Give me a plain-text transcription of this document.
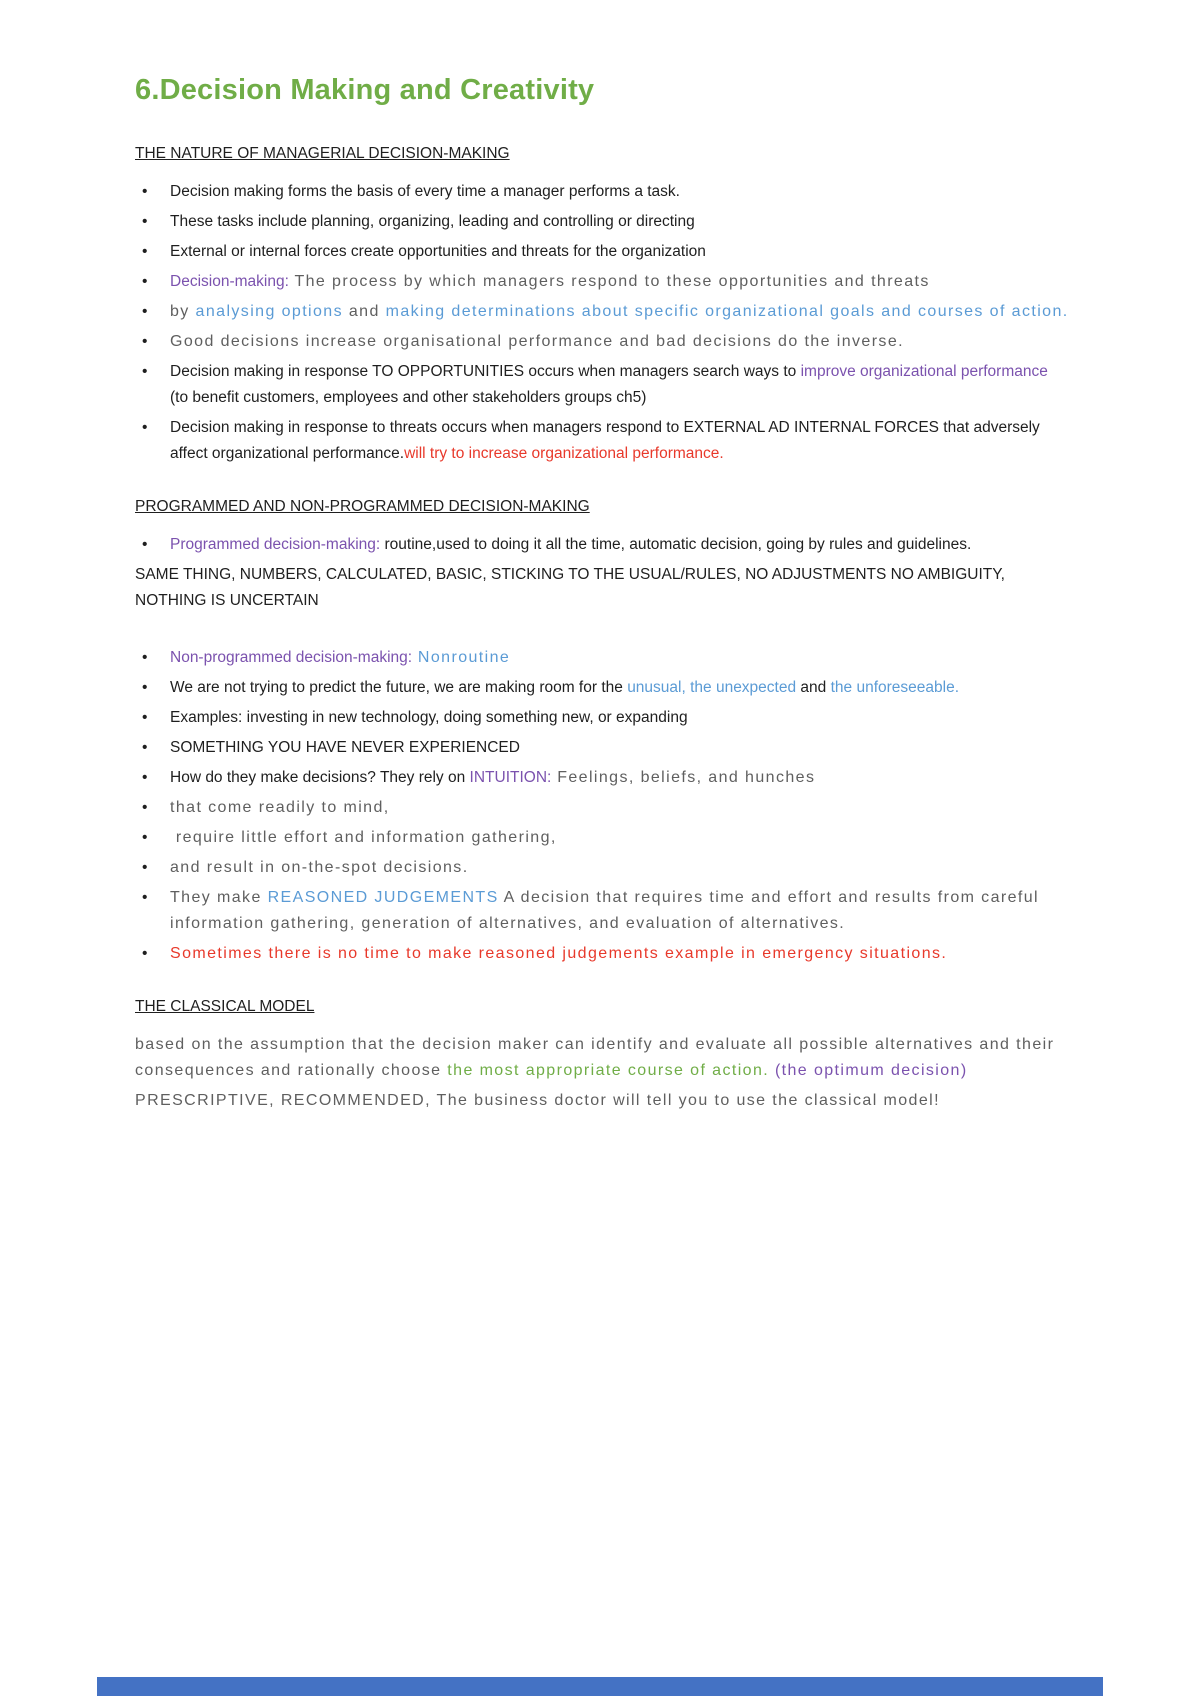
6.Decision Making and Creativity
THE NATURE OF MANAGERIAL DECISION-MAKING
•	Decision making forms the basis of every time a manager performs a task.
•	These tasks include planning, organizing, leading and controlling or directing
•	External or internal forces create opportunities and threats for the organization
•	Decision-making: The process by which managers respond to these opportunities and threats
•	by analysing options and making determinations about specific organizational goals and courses of action.
•	Good decisions increase organisational performance and bad decisions do the inverse.
•	Decision making in response TO OPPORTUNITIES occurs when managers search ways to improve organizational performance (to benefit customers, employees and other stakeholders groups ch5)
•	Decision making in response to threats occurs when managers respond to EXTERNAL AD INTERNAL FORCES that adversely affect organizational performance.will try to increase organizational performance.
PROGRAMMED AND NON-PROGRAMMED DECISION-MAKING
•	Programmed decision-making: routine,used to doing it all the time, automatic decision, going by rules and guidelines.
SAME THING, NUMBERS, CALCULATED, BASIC, STICKING TO THE USUAL/RULES, NO ADJUSTMENTS NO AMBIGUITY, NOTHING IS UNCERTAIN
•	Non-programmed decision-making: Nonroutine
•	We are not trying to predict the future, we are making room for the unusual, the unexpected and the unforeseeable.
•	Examples: investing in new technology, doing something new, or expanding
•	SOMETHING YOU HAVE NEVER EXPERIENCED
•	How do they make decisions? They rely on INTUITION: Feelings, beliefs, and hunches
•	that come readily to mind,
•	require little effort and information gathering,
•	and result in on-the-spot decisions.
•	They make REASONED JUDGEMENTS A decision that requires time and effort and results from careful information gathering, generation of alternatives, and evaluation of alternatives.
•	Sometimes there is no time to make reasoned judgements example in emergency situations.
THE CLASSICAL MODEL
based on the assumption that the decision maker can identify and evaluate all possible alternatives and their consequences and rationally choose the most appropriate course of action. (the optimum decision)
PRESCRIPTIVE, RECOMMENDED, The business doctor will tell you to use the classical model!
